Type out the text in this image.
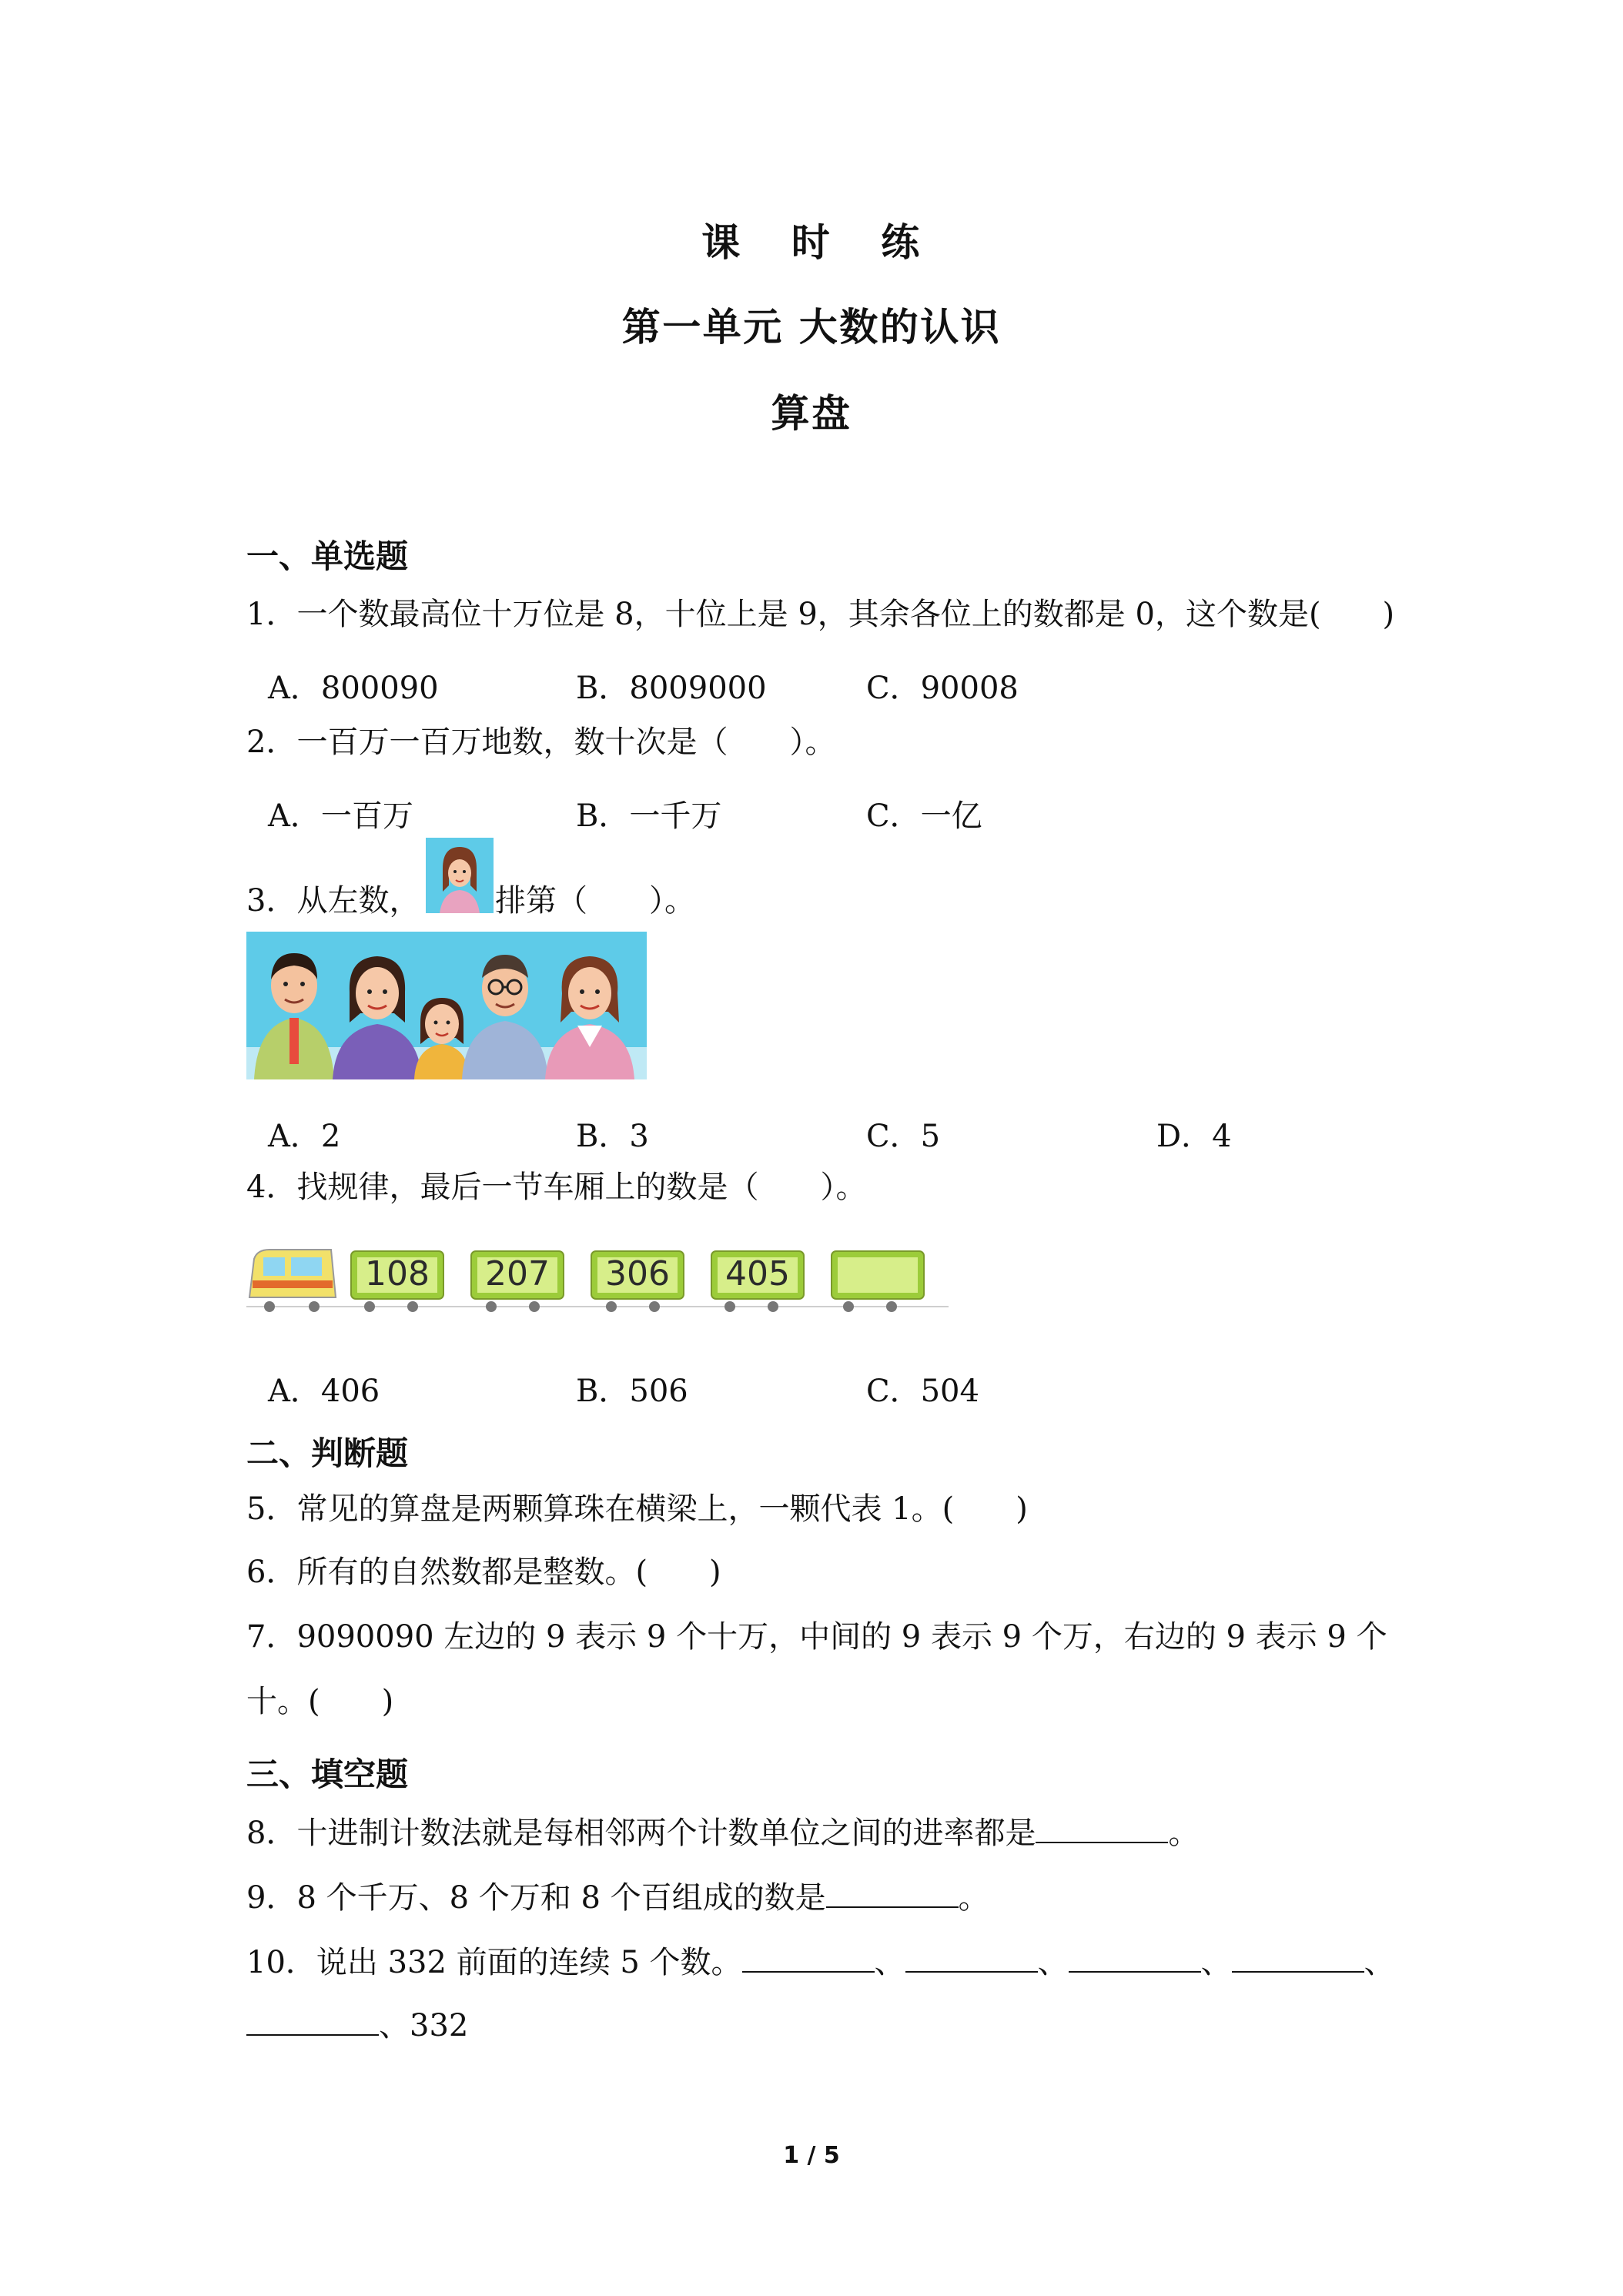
课 时 练
第一单元 大数的认识
算盘
一、单选题
1．一个数最高位十万位是 8，十位上是 9，其余各位上的数都是 0，这个数是(　　)
A．800090	B．8009000	C．90008
2．一百万一百万地数，数十次是（　　）。
A．一百万	B．一千万	C．一亿
3．从左数， 排第（　　）。
A．2	B．3	C．5	D．4
4．找规律，最后一节车厢上的数是（　　）。
108 207 306 405
A．406	B．506	C．504
二、判断题
5．常见的算盘是两颗算珠在横梁上，一颗代表 1。(　　)
6．所有的自然数都是整数。(　　)
7．9090090 左边的 9 表示 9 个十万，中间的 9 表示 9 个万，右边的 9 表示 9 个
十。(　　)
三、填空题
8．十进制计数法就是每相邻两个计数单位之间的进率都是	。
9．8 个千万、8 个万和 8 个百组成的数是	。
10．说出 332 前面的连续 5 个数。	、	、	、	、
、332
1 / 5
